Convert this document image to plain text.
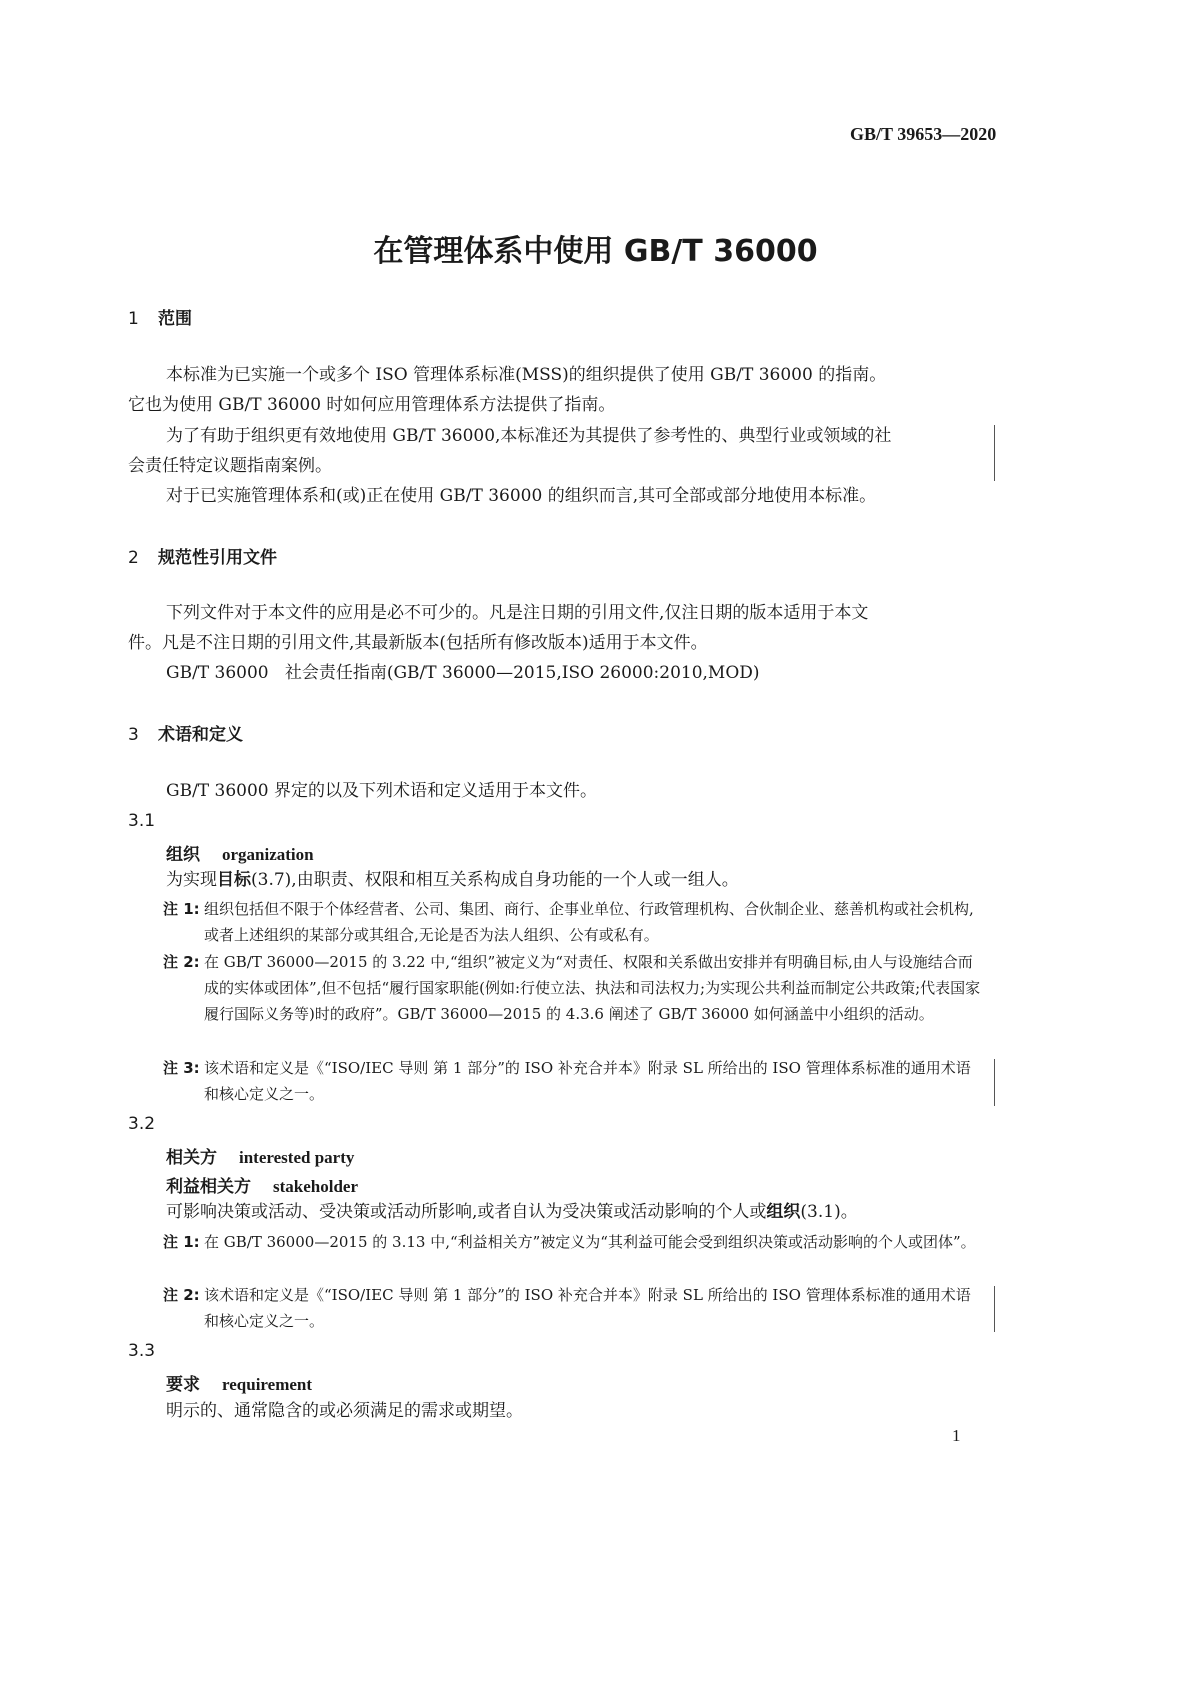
GB/T 39653—2020
在管理体系中使用 GB/T 36000
1 范围
本标准为已实施一个或多个 ISO 管理体系标准(MSS)的组织提供了使用 GB/T 36000 的指南。
它也为使用 GB/T 36000 时如何应用管理体系方法提供了指南。
为了有助于组织更有效地使用 GB/T 36000,本标准还为其提供了参考性的、典型行业或领域的社
会责任特定议题指南案例。
对于已实施管理体系和(或)正在使用 GB/T 36000 的组织而言,其可全部或部分地使用本标准。
2 规范性引用文件
下列文件对于本文件的应用是必不可少的。凡是注日期的引用文件,仅注日期的版本适用于本文
件。凡是不注日期的引用文件,其最新版本(包括所有修改版本)适用于本文件。
GB/T 36000   社会责任指南(GB/T 36000—2015,ISO 26000:2010,MOD)
3 术语和定义
GB/T 36000 界定的以及下列术语和定义适用于本文件。
3.1
组织 organization
为实现目标(3.7),由职责、权限和相互关系构成自身功能的一个人或一组人。
注 1: 组织包括但不限于个体经营者、公司、集团、商行、企事业单位、行政管理机构、合伙制企业、慈善机构或社会机构,或者上述组织的某部分或其组合,无论是否为法人组织、公有或私有。
注 2: 在 GB/T 36000—2015 的 3.22 中,“组织”被定义为“对责任、权限和关系做出安排并有明确目标,由人与设施结合而成的实体或团体”,但不包括“履行国家职能(例如:行使立法、执法和司法权力;为实现公共利益而制定公共政策;代表国家履行国际义务等)时的政府”。GB/T 36000—2015 的 4.3.6 阐述了 GB/T 36000 如何涵盖中小组织的活动。
注 3: 该术语和定义是《“ISO/IEC 导则 第 1 部分”的 ISO 补充合并本》附录 SL 所给出的 ISO 管理体系标准的通用术语和核心定义之一。
3.2
相关方 interested party
利益相关方 stakeholder
可影响决策或活动、受决策或活动所影响,或者自认为受决策或活动影响的个人或组织(3.1)。
注 1: 在 GB/T 36000—2015 的 3.13 中,“利益相关方”被定义为“其利益可能会受到组织决策或活动影响的个人或团体”。
注 2: 该术语和定义是《“ISO/IEC 导则 第 1 部分”的 ISO 补充合并本》附录 SL 所给出的 ISO 管理体系标准的通用术语和核心定义之一。
3.3
要求 requirement
明示的、通常隐含的或必须满足的需求或期望。
1
